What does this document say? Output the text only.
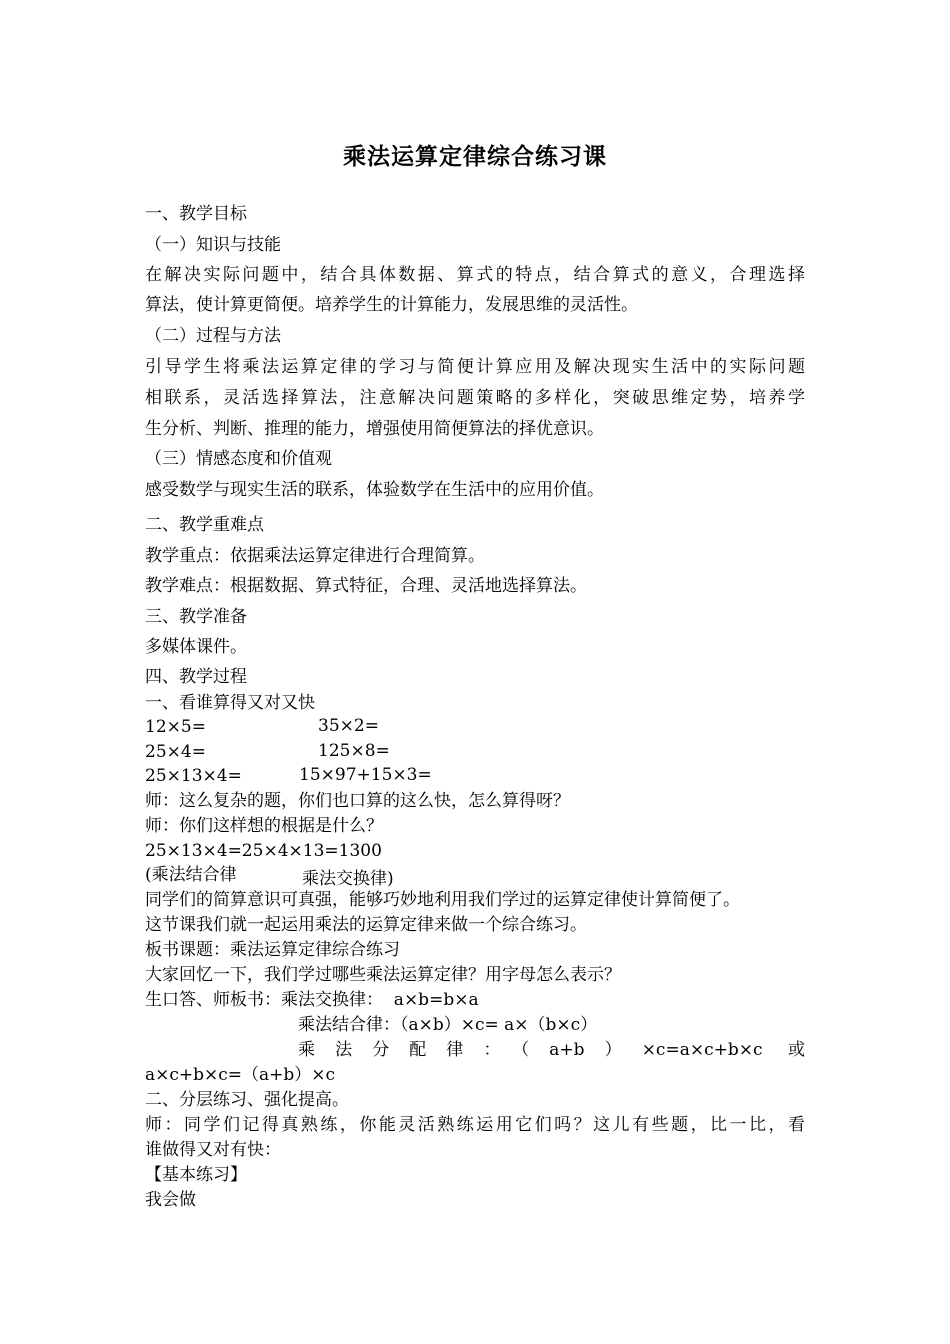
乘法运算定律综合练习课
一、教学目标
（一）知识与技能
在解决实际问题中，结合具体数据、算式的特点，结合算式的意义，合理选择
算法，使计算更简便。培养学生的计算能力，发展思维的灵活性。
（二）过程与方法
引导学生将乘法运算定律的学习与简便计算应用及解决现实生活中的实际问题
相联系，灵活选择算法，注意解决问题策略的多样化，突破思维定势，培养学
生分析、判断、推理的能力，增强使用简便算法的择优意识。
（三）情感态度和价值观
感受数学与现实生活的联系，体验数学在生活中的应用价值。
二、教学重难点
教学重点：依据乘法运算定律进行合理简算。
教学难点：根据数据、算式特征，合理、灵活地选择算法。
三、教学准备
多媒体课件。
四、教学过程
一、看谁算得又对又快
12×5=	35×2=
25×4=	125×8=
25×13×4=	15×97+15×3=
师：这么复杂的题，你们也口算的这么快，怎么算得呀？
师：你们这样想的根据是什么？
25×13×4=25×4×13=1300
(乘法结合律	乘法交换律)
同学们的简算意识可真强，能够巧妙地利用我们学过的运算定律使计算简便了。
这节课我们就一起运用乘法的运算定律来做一个综合练习。
板书课题：乘法运算定律综合练习
大家回忆一下，我们学过哪些乘法运算定律？用字母怎么表示？
生口答、师板书：乘法交换律：  a×b=b×a
乘法结合律：（a×b）×c= a×（b×c）
乘法分配律：（a+b）×c=a×c+b×c 或
a×c+b×c=（a+b）×c
二、分层练习、强化提高。
师：同学们记得真熟练，你能灵活熟练运用它们吗？这儿有些题，比一比，看
谁做得又对有快：
【基本练习】
我会做
